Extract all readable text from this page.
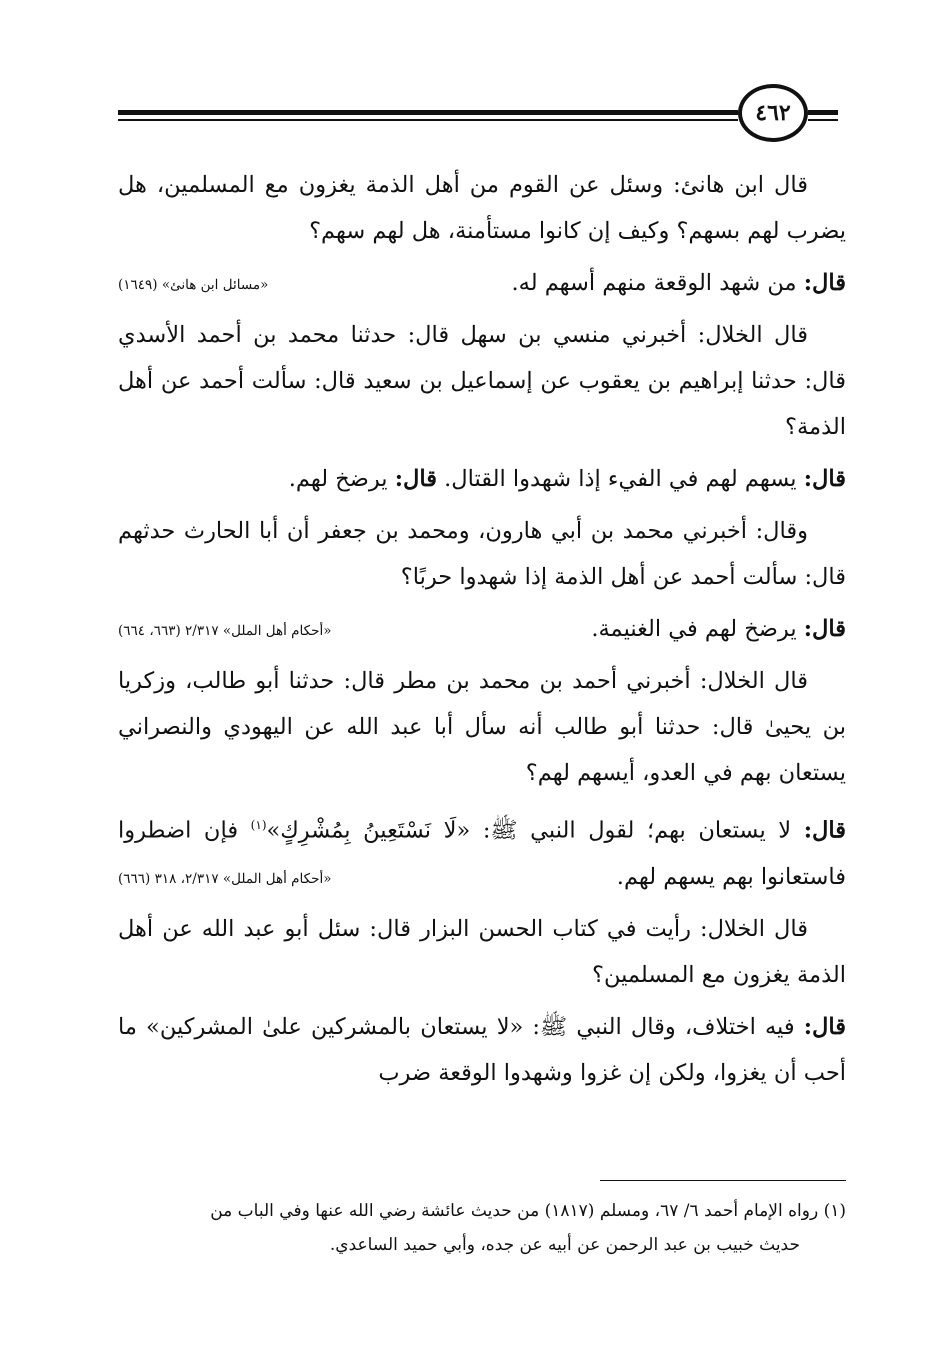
٤٦٢

قال ابن هانئ: وسئل عن القوم من أهل الذمة يغزون مع المسلمين، هل يضرب لهم بسهم؟ وكيف إن كانوا مستأمنة، هل لهم سهم؟

«مسائل ابن هانئ» (١٦٤٩)	قال: من شهد الوقعة منهم أسهم له.

قال الخلال: أخبرني منسي بن سهل قال: حدثنا محمد بن أحمد الأسدي قال: حدثنا إبراهيم بن يعقوب عن إسماعيل بن سعيد قال: سألت أحمد عن أهل الذمة؟

قال: يسهم لهم في الفيء إذا شهدوا القتال. قال: يرضخ لهم.

وقال: أخبرني محمد بن أبي هارون، ومحمد بن جعفر أن أبا الحارث حدثهم قال: سألت أحمد عن أهل الذمة إذا شهدوا حربًا؟

«أحكام أهل الملل» ٢/٣١٧ (٦٦٣، ٦٦٤)	قال: يرضخ لهم في الغنيمة.

قال الخلال: أخبرني أحمد بن محمد بن مطر قال: حدثنا أبو طالب، وزكريا بن يحيىٰ قال: حدثنا أبو طالب أنه سأل أبا عبد الله عن اليهودي والنصراني يستعان بهم في العدو، أيسهم لهم؟

قال: لا يستعان بهم؛ لقول النبي ﷺ: «لَا نَسْتَعِينُ بِمُشْرِكٍ»$^{(١)}$ فإن اضطروا فاستعانوا بهم يسهم لهم.
«أحكام أهل الملل» ٢/٣١٧، ٣١٨ (٦٦٦)

قال الخلال: رأيت في كتاب الحسن البزار قال: سئل أبو عبد الله عن أهل الذمة يغزون مع المسلمين؟

قال: فيه اختلاف، وقال النبي ﷺ: «لا يستعان بالمشركين علىٰ المشركين» ما أحب أن يغزوا، ولكن إن غزوا وشهدوا الوقعة ضرب

(١) رواه الإمام أحمد ٦/ ٦٧، ومسلم (١٨١٧) من حديث عائشة رضي الله عنها وفي الباب من
حديث خبيب بن عبد الرحمن عن أبيه عن جده، وأبي حميد الساعدي.
